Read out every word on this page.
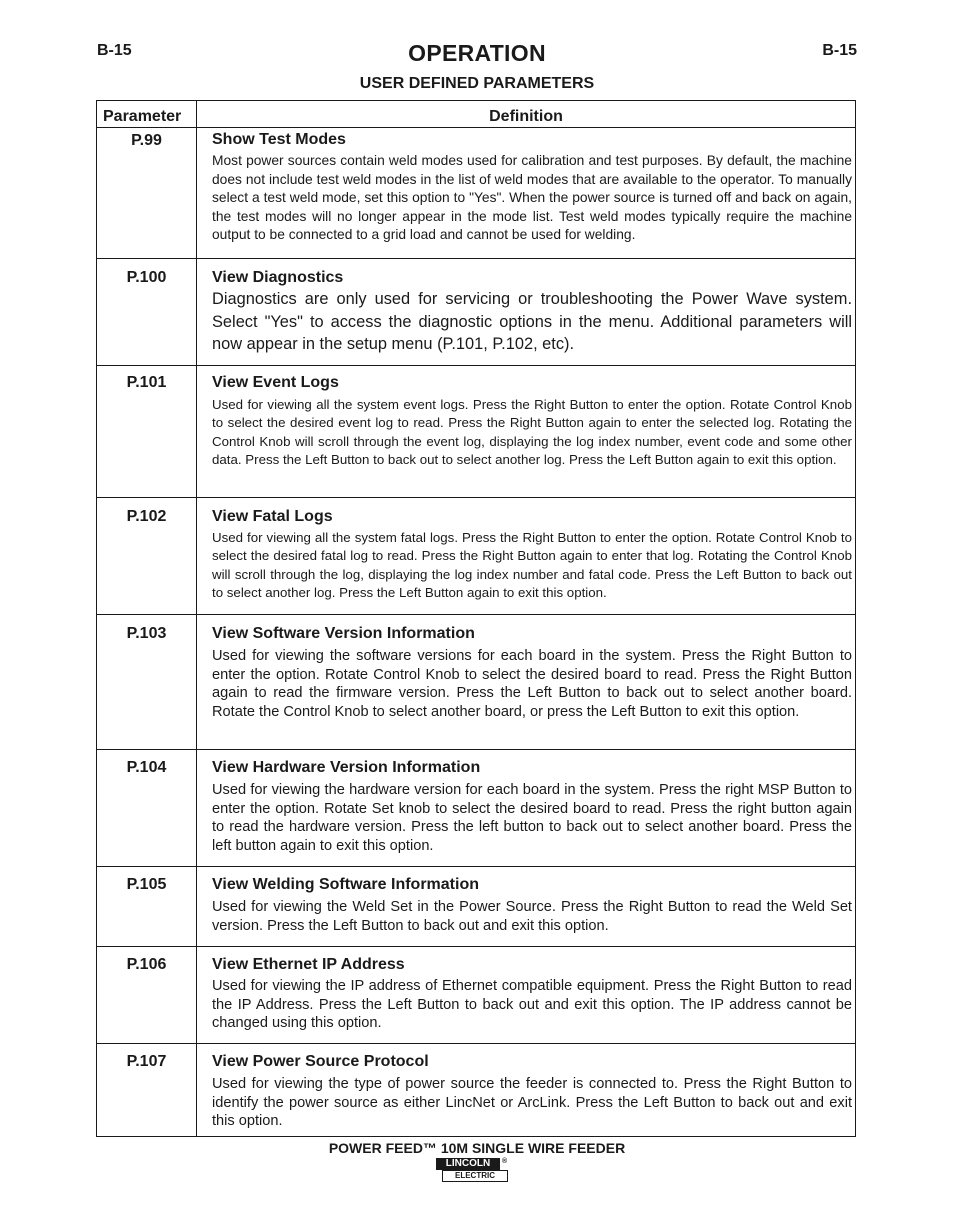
B-15	OPERATION	B-15
USER DEFINED PARAMETERS
Parameter	Definition
P.99	Show Test Modes
Most power sources contain weld modes used for calibration and test purposes. By default, the machine does not include test weld modes in the list of weld modes that are available to the operator. To manually select a test weld mode, set this option to "Yes". When the power source is turned off and back on again, the test modes will no longer appear in the mode list. Test weld modes typically require the machine output to be connected to a grid load and cannot be used for welding.
P.100	View Diagnostics
Diagnostics are only used for servicing or troubleshooting the Power Wave system. Select "Yes" to access the diagnostic options in the menu. Additional parameters will now appear in the setup menu (P.101, P.102, etc).
P.101	View Event Logs
Used for viewing all the system event logs. Press the Right Button to enter the option. Rotate Control Knob to select the desired event log to read. Press the Right Button again to enter the selected log. Rotating the Control Knob will scroll through the event log, displaying the log index number, event code and some other data. Press the Left Button to back out to select another log. Press the Left Button again to exit this option.
P.102	View Fatal Logs
Used for viewing all the system fatal logs. Press the Right Button to enter the option. Rotate Control Knob to select the desired fatal log to read. Press the Right Button again to enter that log. Rotating the Control Knob will scroll through the log, displaying the log index number and fatal code. Press the Left Button to back out to select another log. Press the Left Button again to exit this option.
P.103	View Software Version Information
Used for viewing the software versions for each board in the system. Press the Right Button to enter the option. Rotate Control Knob to select the desired board to read. Press the Right Button again to read the firmware version. Press the Left Button to back out to select another board. Rotate the Control Knob to select another board, or press the Left Button to exit this option.
P.104	View Hardware Version Information
Used for viewing the hardware version for each board in the system. Press the right MSP Button to enter the option. Rotate Set knob to select the desired board to read. Press the right button again to read the hardware version. Press the left button to back out to select another board. Press the left button again to exit this option.
P.105	View Welding Software Information
Used for viewing the Weld Set in the Power Source. Press the Right Button to read the Weld Set version. Press the Left Button to back out and exit this option.
P.106	View Ethernet IP Address
Used for viewing the IP address of Ethernet compatible equipment. Press the Right Button to read the IP Address. Press the Left Button to back out and exit this option. The IP address cannot be changed using this option.
P.107	View Power Source Protocol
Used for viewing the type of power source the feeder is connected to. Press the Right Button to identify the power source as either LincNet or ArcLink. Press the Left Button to back out and exit this option.
POWER FEED™ 10M SINGLE WIRE FEEDER
LINCOLN	®
ELECTRIC
